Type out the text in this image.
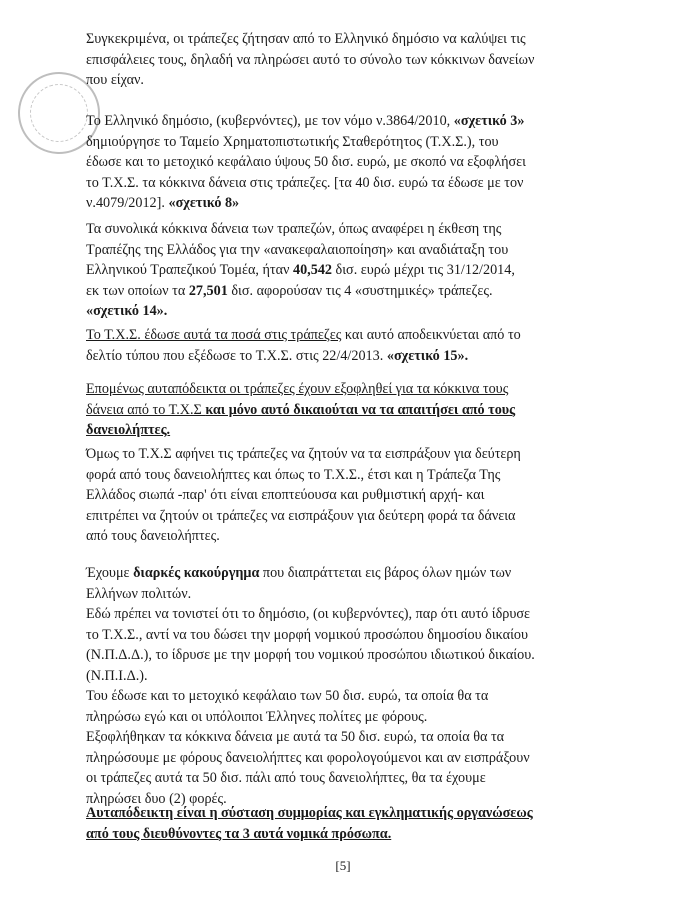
Συγκεκριμένα, οι τράπεζες ζήτησαν από το Ελληνικό δημόσιο να καλύψει τις
επισφάλειες τους, δηλαδή να πληρώσει αυτό το σύνολο των κόκκινων δανείων
που είχαν.
Το Ελληνικό δημόσιο, (κυβερνόντες), με τον νόμο ν.3864/2010, «σχετικό 3»
δημιούργησε το Ταμείο Χρηματοπιστωτικής Σταθερότητος (Τ.Χ.Σ.), του
έδωσε και το μετοχικό κεφάλαιο ύψους 50 δισ. ευρώ, με σκοπό να εξοφλήσει
το Τ.Χ.Σ. τα κόκκινα δάνεια στις τράπεζες. [τα 40 δισ. ευρώ τα έδωσε με τον
ν.4079/2012]. «σχετικό 8»
Τα συνολικά κόκκινα δάνεια των τραπεζών, όπως αναφέρει η έκθεση της
Τραπέζης της Ελλάδος για την «ανακεφαλαιοποίηση» και αναδιάταξη του
Ελληνικού Τραπεζικού Τομέα, ήταν 40,542 δισ. ευρώ μέχρι τις 31/12/2014,
εκ των οποίων τα 27,501 δισ. αφορούσαν τις 4 «συστημικές» τράπεζες.
«σχετικό 14».
Το Τ.Χ.Σ. έδωσε αυτά τα ποσά στις τράπεζες και αυτό αποδεικνύεται από το
δελτίο τύπου που εξέδωσε το Τ.Χ.Σ. στις 22/4/2013. «σχετικό 15».
Επομένως αυταπόδεικτα οι τράπεζες έχουν εξοφληθεί για τα κόκκινα τους
δάνεια από το Τ.Χ.Σ και μόνο αυτό δικαιούται να τα απαιτήσει από τους
δανειολήπτες.
Όμως το Τ.Χ.Σ αφήνει τις τράπεζες να ζητούν να τα εισπράξουν για δεύτερη
φορά από τους δανειολήπτες και όπως το Τ.Χ.Σ., έτσι και η Τράπεζα Της
Ελλάδος σιωπά -παρ' ότι είναι εποπτεύουσα και ρυθμιστική αρχή- και
επιτρέπει να ζητούν οι τράπεζες να εισπράξουν για δεύτερη φορά τα δάνεια
από τους δανειολήπτες.
Έχουμε διαρκές κακούργημα που διαπράττεται εις βάρος όλων ημών των
Ελλήνων πολιτών.
Εδώ πρέπει να τονιστεί ότι το δημόσιο, (οι κυβερνόντες), παρ ότι αυτό ίδρυσε
το Τ.Χ.Σ., αντί να του δώσει την μορφή νομικού προσώπου δημοσίου δικαίου
(Ν.Π.Δ.Δ.), το ίδρυσε με την μορφή του νομικού προσώπου ιδιωτικού δικαίου.
(Ν.Π.Ι.Δ.).
Του έδωσε και το μετοχικό κεφάλαιο των 50 δισ. ευρώ, τα οποία θα τα
πληρώσω εγώ και οι υπόλοιποι Έλληνες πολίτες με φόρους.
Εξοφλήθηκαν τα κόκκινα δάνεια με αυτά τα 50 δισ. ευρώ, τα οποία θα τα
πληρώσουμε με φόρους δανειολήπτες και φορολογούμενοι και αν εισπράξουν
οι τράπεζες αυτά τα 50 δισ. πάλι από τους δανειολήπτες, θα τα έχουμε
πληρώσει δυο (2) φορές.
Αυταπόδεικτη είναι η σύσταση συμμορίας και εγκληματικής οργανώσεως
από τους διευθύνοντες τα 3 αυτά νομικά πρόσωπα.
[5]
